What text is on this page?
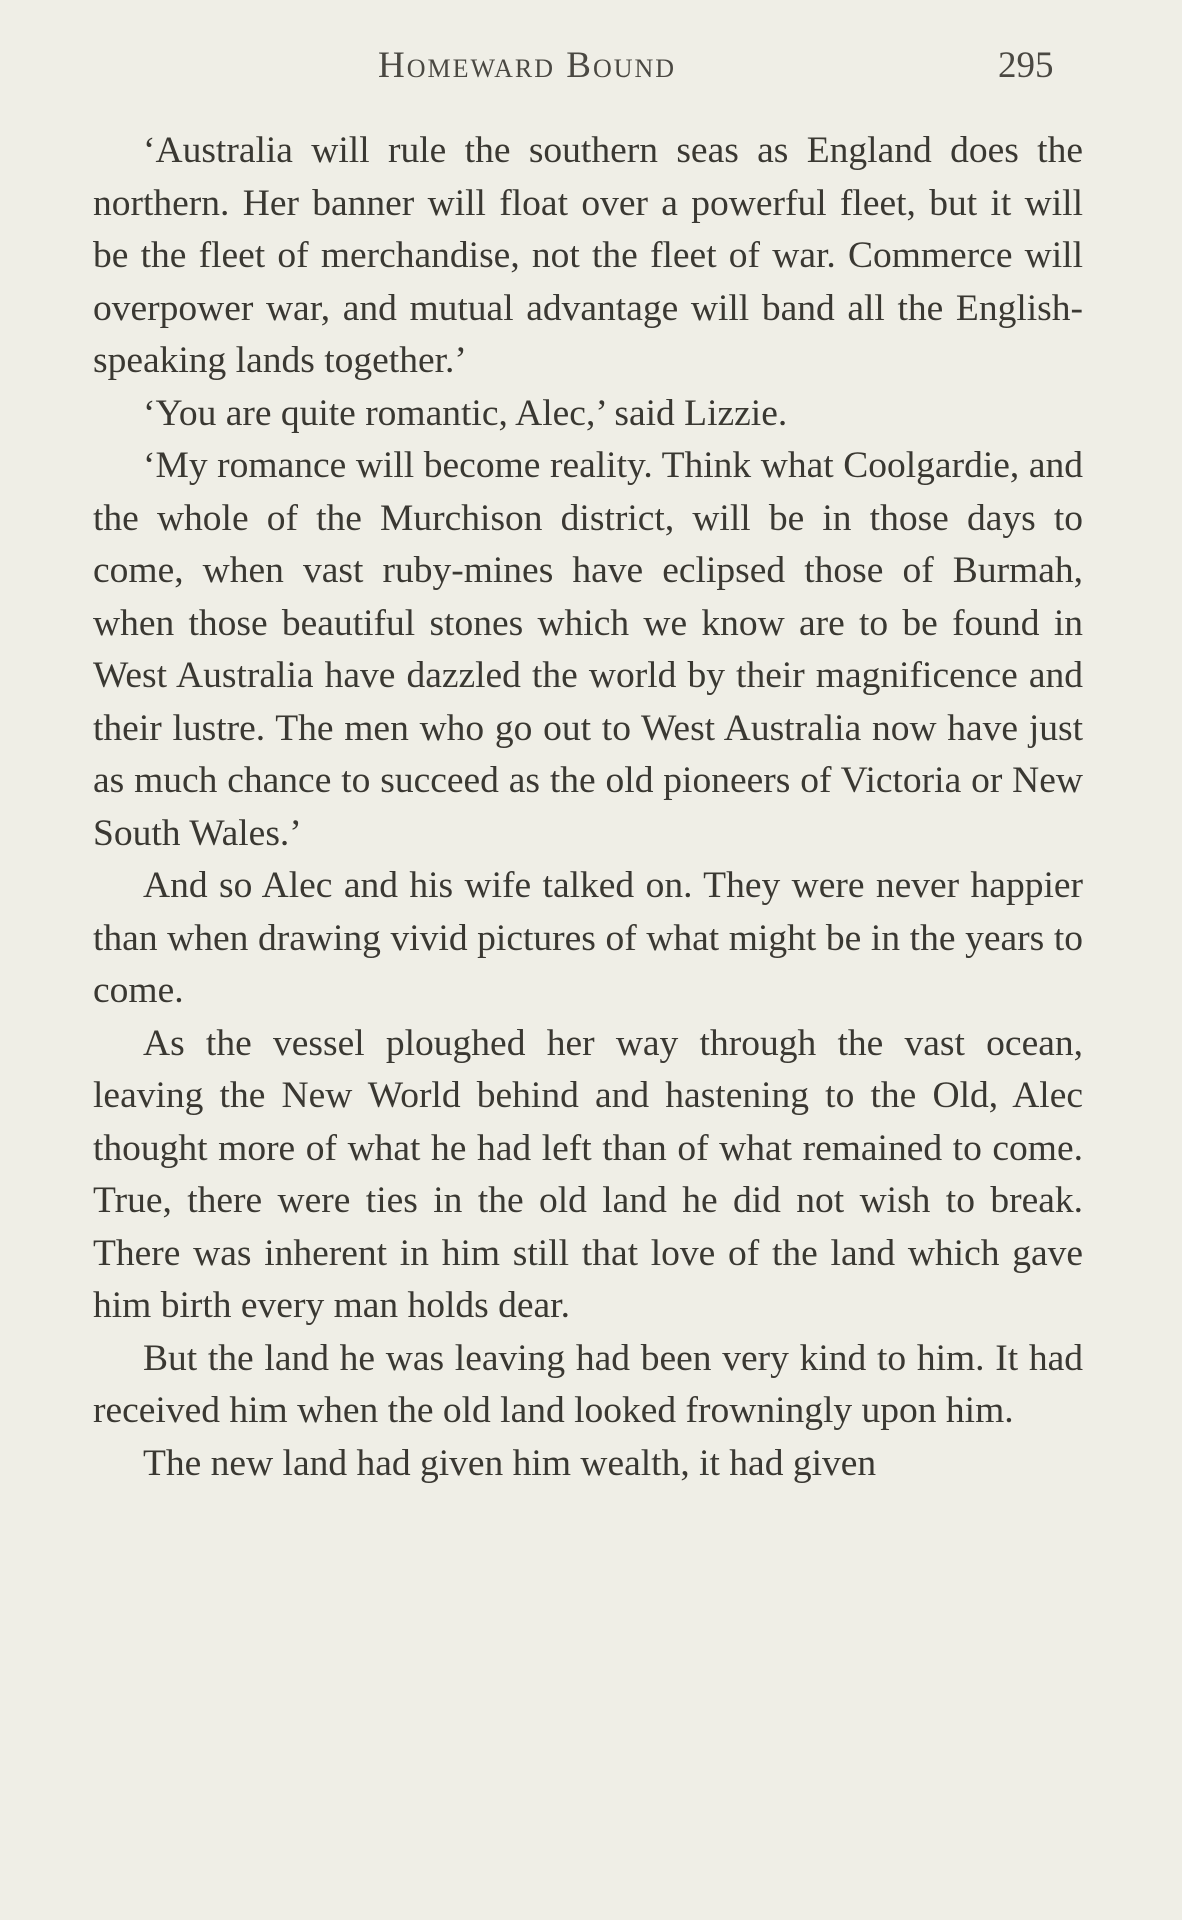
Homeward Bound	295

‘Australia will rule the southern seas as England does the northern. Her banner will float over a powerful fleet, but it will be the fleet of merchandise, not the fleet of war. Commerce will overpower war, and mutual advantage will band all the English-speaking lands together.’

‘You are quite romantic, Alec,’ said Lizzie.

‘My romance will become reality. Think what Coolgardie, and the whole of the Murchison district, will be in those days to come, when vast ruby-mines have eclipsed those of Burmah, when those beautiful stones which we know are to be found in West Australia have dazzled the world by their magnificence and their lustre. The men who go out to West Australia now have just as much chance to succeed as the old pioneers of Victoria or New South Wales.’

And so Alec and his wife talked on. They were never happier than when drawing vivid pictures of what might be in the years to come.

As the vessel ploughed her way through the vast ocean, leaving the New World behind and hastening to the Old, Alec thought more of what he had left than of what remained to come. True, there were ties in the old land he did not wish to break. There was inherent in him still that love of the land which gave him birth every man holds dear.

But the land he was leaving had been very kind to him. It had received him when the old land looked frowningly upon him.

The new land had given him wealth, it had given
